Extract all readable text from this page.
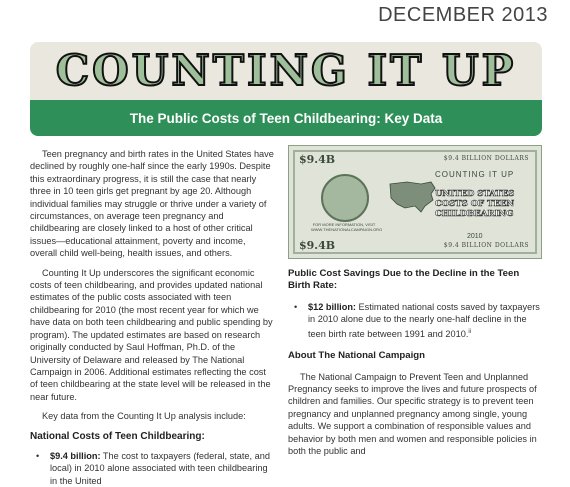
DECEMBER 2013
COUNTING IT UP
The Public Costs of Teen Childbearing: Key Data

Teen pregnancy and birth rates in the United States have declined by roughly one-half since the early 1990s. Despite this extraordinary progress, it is still the case that nearly three in 10 teen girls get pregnant by age 20. Although individual families may struggle or thrive under a variety of circumstances, on average teen pregnancy and childbearing are closely linked to a host of other critical issues—educational attainment, poverty and income, overall child well-being, health issues, and others.

Counting It Up underscores the significant economic costs of teen childbearing, and provides updated national estimates of the public costs associated with teen childbearing for 2010 (the most recent year for which we have data on both teen childbearing and public spending by program). The updated estimates are based on research originally conducted by Saul Hoffman, Ph.D. of the University of Delaware and released by The National Campaign in 2006. Additional estimates reflecting the cost of teen childbearing at the state level will be released in the near future.

Key data from the Counting It Up analysis include:

National Costs of Teen Childbearing:
•	$9.4 billion: The cost to taxpayers (federal, state, and local) in 2010 alone associated with teen childbearing in the United
$9.4B	$9.4 BILLION DOLLARS
FOR MORE INFORMATION, VISIT WWW.THENATIONALCAMPAIGN.ORG
COUNTING IT UP
UNITED STATES
COSTS OF TEEN
CHILDBEARING
2010
$9.4B	$9.4 BILLION DOLLARS
Public Cost Savings Due to the Decline in the Teen Birth Rate:
•	$12 billion: Estimated national costs saved by taxpayers in 2010 alone due to the nearly one-half decline in the teen birth rate between 1991 and 2010.$^{ii}$
About The National Campaign

The National Campaign to Prevent Teen and Unplanned Pregnancy seeks to improve the lives and future prospects of children and families. Our specific strategy is to prevent teen pregnancy and unplanned pregnancy among single, young adults. We support a combination of responsible values and behavior by both men and women and responsible policies in both the public and
